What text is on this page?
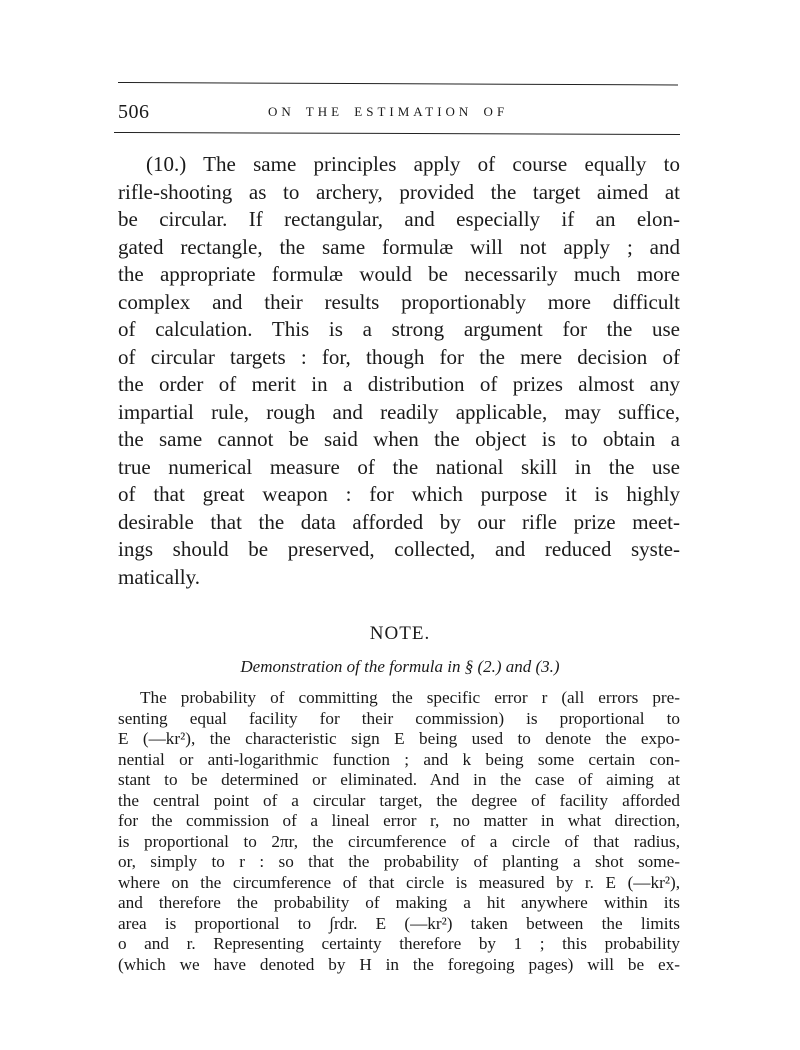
506	ON THE ESTIMATION OF
(10.) The same principles apply of course equally to
rifle-shooting as to archery, provided the target aimed at
be circular. If rectangular, and especially if an elon-
gated rectangle, the same formulæ will not apply ; and
the appropriate formulæ would be necessarily much more
complex and their results proportionably more difficult
of calculation. This is a strong argument for the use
of circular targets : for, though for the mere decision of
the order of merit in a distribution of prizes almost any
impartial rule, rough and readily applicable, may suffice,
the same cannot be said when the object is to obtain a
true numerical measure of the national skill in the use
of that great weapon : for which purpose it is highly
desirable that the data afforded by our rifle prize meet-
ings should be preserved, collected, and reduced syste-
matically.
NOTE.
Demonstration of the formula in § (2.) and (3.)
The probability of committing the specific error r (all errors pre-
senting equal facility for their commission) is proportional to
E (—kr²), the characteristic sign E being used to denote the expo-
nential or anti-logarithmic function ; and k being some certain con-
stant to be determined or eliminated. And in the case of aiming at
the central point of a circular target, the degree of facility afforded
for the commission of a lineal error r, no matter in what direction,
is proportional to 2πr, the circumference of a circle of that radius,
or, simply to r : so that the probability of planting a shot some-
where on the circumference of that circle is measured by r. E (—kr²),
and therefore the probability of making a hit anywhere within its
area is proportional to ∫rdr. E (—kr²) taken between the limits
o and r. Representing certainty therefore by 1 ; this probability
(which we have denoted by H in the foregoing pages) will be ex-
